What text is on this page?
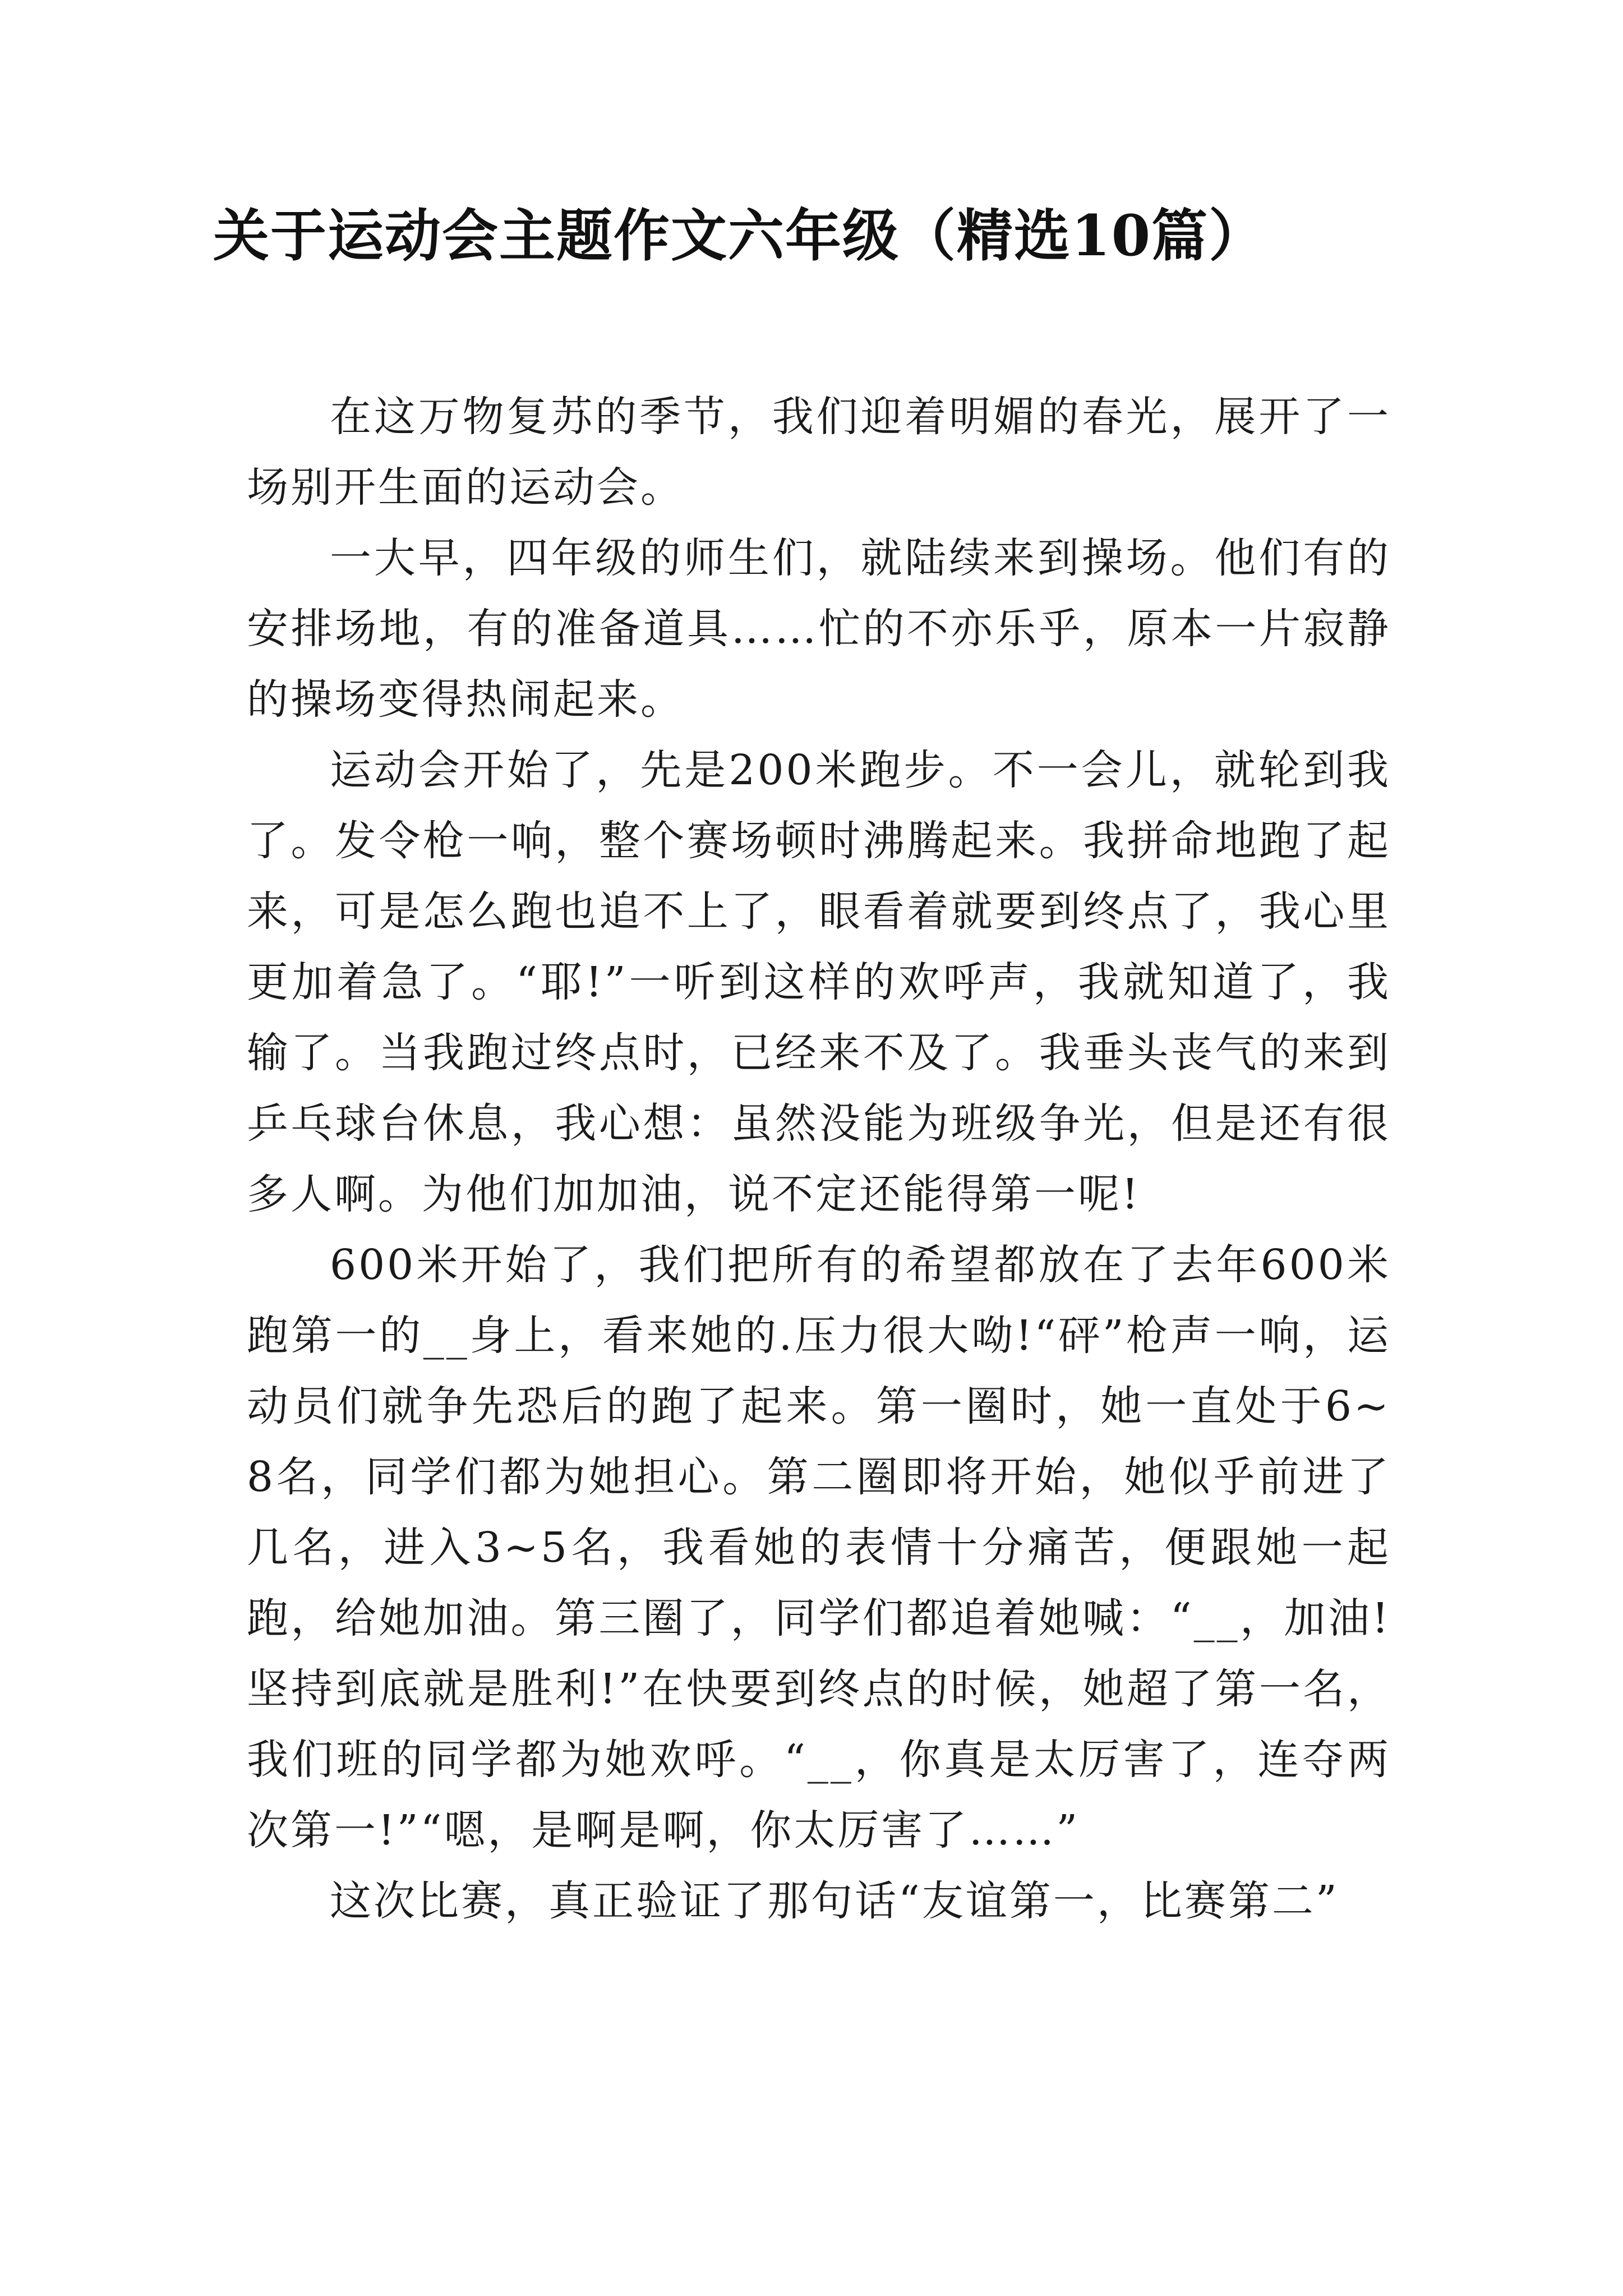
关于运动会主题作文六年级（精选10篇）

在这万物复苏的季节，我们迎着明媚的春光，展开了一场别开生面的运动会。

一大早，四年级的师生们，就陆续来到操场。他们有的安排场地，有的准备道具……忙的不亦乐乎，原本一片寂静的操场变得热闹起来。

运动会开始了，先是200米跑步。不一会儿，就轮到我了。发令枪一响，整个赛场顿时沸腾起来。我拼命地跑了起来，可是怎么跑也追不上了，眼看着就要到终点了，我心里更加着急了。“耶!”一听到这样的欢呼声，我就知道了，我输了。当我跑过终点时，已经来不及了。我垂头丧气的来到乒乓球台休息，我心想：虽然没能为班级争光，但是还有很多人啊。为他们加加油，说不定还能得第一呢!

600米开始了，我们把所有的希望都放在了去年600米跑第一的__身上，看来她的.压力很大呦!“砰”枪声一响，运动员们就争先恐后的跑了起来。第一圈时，她一直处于6~8名，同学们都为她担心。第二圈即将开始，她似乎前进了几名，进入3~5名，我看她的表情十分痛苦，便跟她一起跑，给她加油。第三圈了，同学们都追着她喊：“__，加油!坚持到底就是胜利!”在快要到终点的时候，她超了第一名，我们班的同学都为她欢呼。“__，你真是太厉害了，连夺两次第一!”“嗯，是啊是啊，你太厉害了……”

这次比赛，真正验证了那句话“友谊第一，比赛第二”
